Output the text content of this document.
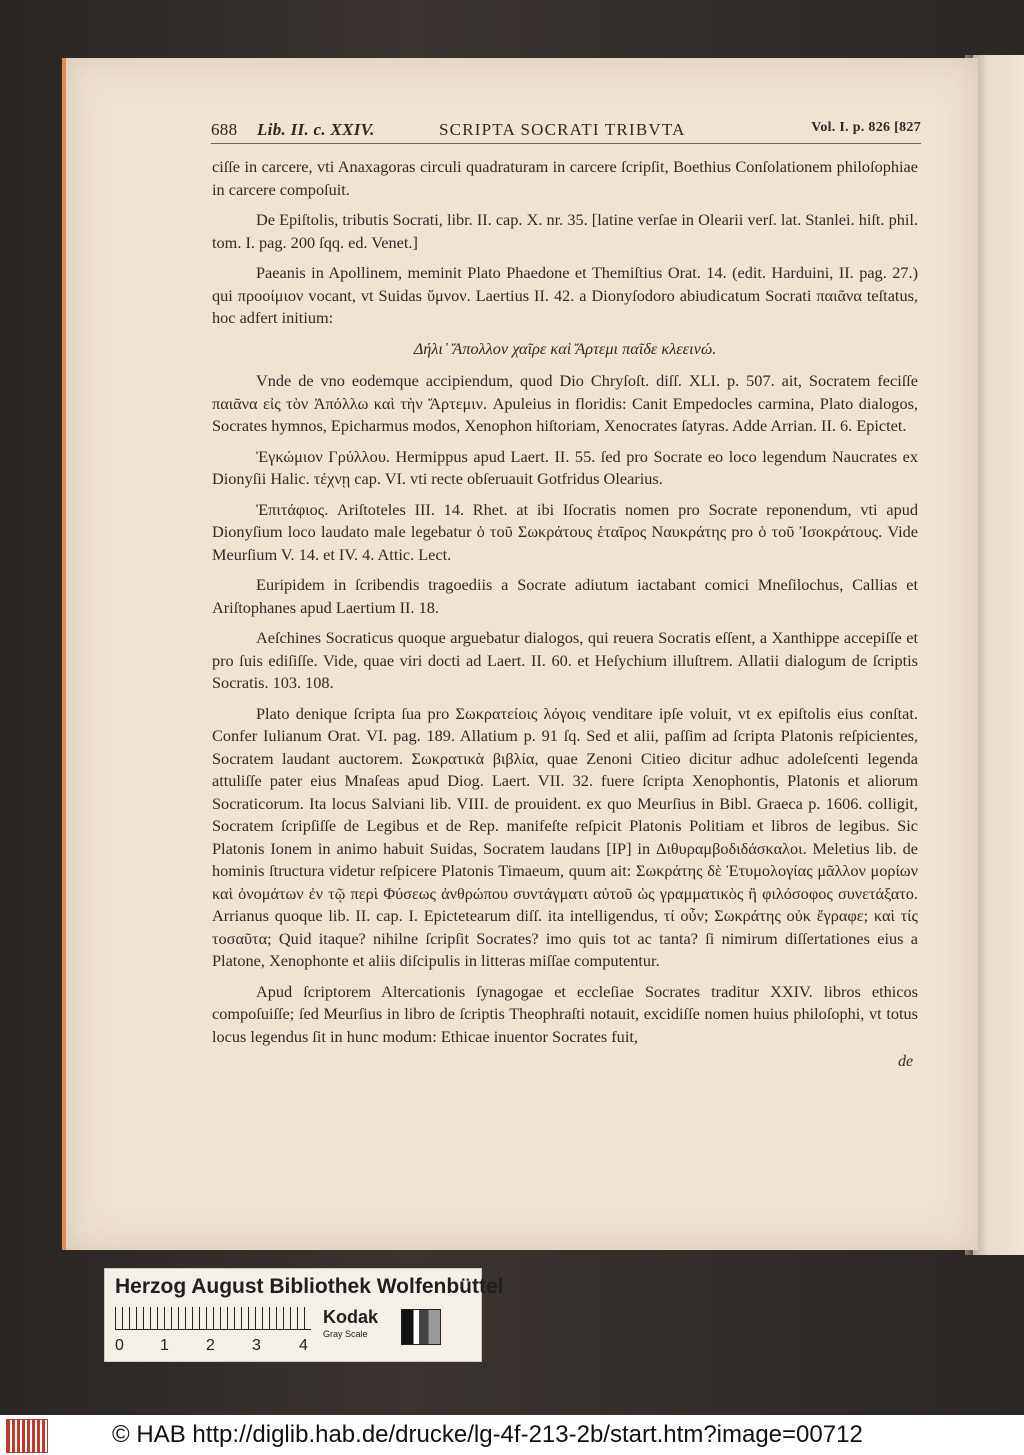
688 Lib. II. c. XXIV.	SCRIPTA SOCRATI TRIBVTA	Vol. I. p. 826 [827

ciſſe in carcere, vti Anaxagoras circuli quadraturam in carcere ſcripſit, Boethius Conſolationem philoſophiae in carcere compoſuit.

De Epiſtolis, tributis Socrati, libr. II. cap. X. nr. 35. [latine verſae in Olearii verſ. lat. Stanlei. hiſt. phil. tom. I. pag. 200 ſqq. ed. Venet.]

Paeanis in Apollinem, meminit Plato Phaedone et Themiſtius Orat. 14. (edit. Harduini, II. pag. 27.) qui προοίμιον vocant, vt Suidas ὕμνον. Laertius II. 42. a Dionyſodoro abiudicatum Socrati παιᾶνα teſtatus, hoc adfert initium:

Δήλι᾽ Ἄπολλον χαῖρε καὶ Ἄρτεμι παῖδε κλεεινώ.

Vnde de vno eodemque accipiendum, quod Dio Chryſoſt. diſſ. XLI. p. 507. ait, Socratem feciſſe παιᾶνα εἰς τὸν Ἀπόλλω καὶ τὴν Ἄρτεμιν. Apuleius in floridis: Canit Empedocles carmina, Plato dialogos, Socrates hymnos, Epicharmus modos, Xenophon hiſtoriam, Xenocrates ſatyras. Adde Arrian. II. 6. Epictet.

Ἐγκώμιον Γρύλλου. Hermippus apud Laert. II. 55. ſed pro Socrate eo loco legendum Naucrates ex Dionyſii Halic. τέχνῃ cap. VI. vti recte obſeruauit Gotfridus Olearius.

Ἐπιτάφιος. Ariſtoteles III. 14. Rhet. at ibi Iſocratis nomen pro Socrate reponendum, vti apud Dionyſium loco laudato male legebatur ὁ τοῦ Σωκράτους ἑταῖρος Ναυκράτης pro ὁ τοῦ Ἰσοκράτους. Vide Meurſium V. 14. et IV. 4. Attic. Lect.

Euripidem in ſcribendis tragoediis a Socrate adiutum iactabant comici Mneſilochus, Callias et Ariſtophanes apud Laertium II. 18.

Aeſchines Socraticus quoque arguebatur dialogos, qui reuera Socratis eſſent, a Xanthippe accepiſſe et pro ſuis ediſiſſe. Vide, quae viri docti ad Laert. II. 60. et Heſychium illuſtrem. Allatii dialogum de ſcriptis Socratis. 103. 108.

Plato denique ſcripta ſua pro Σωκρατείοις λόγοις venditare ipſe voluit, vt ex epiſtolis eius conſtat. Confer Iulianum Orat. VI. pag. 189. Allatium p. 91 ſq. Sed et alii, paſſim ad ſcripta Platonis reſpicientes, Socratem laudant auctorem. Σωκρατικὰ βιβλία, quae Zenoni Citieo dicitur adhuc adoleſcenti legenda attuliſſe pater eius Mnaſeas apud Diog. Laert. VII. 32. fuere ſcripta Xenophontis, Platonis et aliorum Socraticorum. Ita locus Salviani lib. VIII. de prouident. ex quo Meurſius in Bibl. Graeca p. 1606. colligit, Socratem ſcripſiſſe de Legibus et de Rep. manifeſte reſpicit Platonis Politiam et libros de legibus. Sic Platonis Ionem in animo habuit Suidas, Socratem laudans [IP] in Διθυραμβοδιδάσκαλοι. Meletius lib. de hominis ſtructura videtur reſpicere Platonis Timaeum, quum ait: Σωκράτης δὲ Ἐτυμολογίας μᾶλλον μορίων καὶ ὀνομάτων ἐν τῷ περὶ Φύσεως ἀνθρώπου συντάγματι αὐτοῦ ὡς γραμματικὸς ἢ φιλόσοφος συνετάξατο. Arrianus quoque lib. II. cap. I. Epictetearum diſſ. ita intelligendus, τί οὖν; Σωκράτης οὐκ ἔγραφε; καὶ τίς τοσαῦτα; Quid itaque? nihilne ſcripſit Socrates? imo quis tot ac tanta? ſi nimirum diſſertationes eius a Platone, Xenophonte et aliis diſcipulis in litteras miſſae computentur.

Apud ſcriptorem Altercationis ſynagogae et eccleſiae Socrates traditur XXIV. libros ethicos compoſuiſſe; ſed Meurſius in libro de ſcriptis Theophraſti notauit, excidiſſe nomen huius philoſophi, vt totus locus legendus ſit in hunc modum: Ethicae inuentor Socrates fuit,

de
Herzog August Bibliothek Wolfenbüttel
0 1 2 3 4
Kodak
Gray Scale
© HAB http://diglib.hab.de/drucke/lg-4f-213-2b/start.htm?image=00712
